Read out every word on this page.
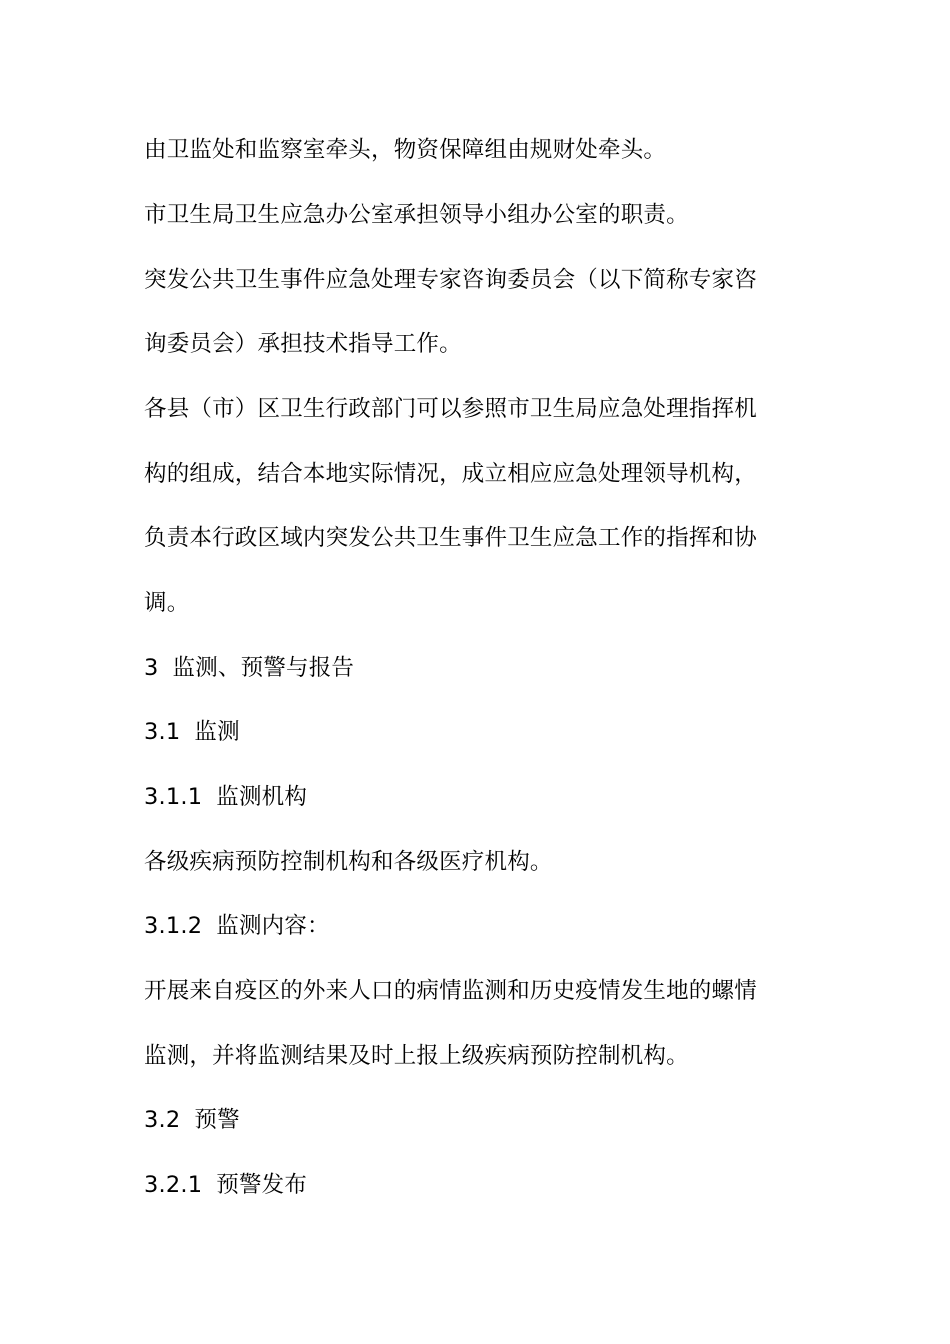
由卫监处和监察室牵头，物资保障组由规财处牵头。
市卫生局卫生应急办公室承担领导小组办公室的职责。
突发公共卫生事件应急处理专家咨询委员会（以下简称专家咨
询委员会）承担技术指导工作。
各县（市）区卫生行政部门可以参照市卫生局应急处理指挥机
构的组成，结合本地实际情况，成立相应应急处理领导机构，
负责本行政区域内突发公共卫生事件卫生应急工作的指挥和协
调。
3 监测、预警与报告
3.1 监测
3.1.1 监测机构
各级疾病预防控制机构和各级医疗机构。
3.1.2 监测内容：
开展来自疫区的外来人口的病情监测和历史疫情发生地的螺情
监测，并将监测结果及时上报上级疾病预防控制机构。
3.2 预警
3.2.1 预警发布
